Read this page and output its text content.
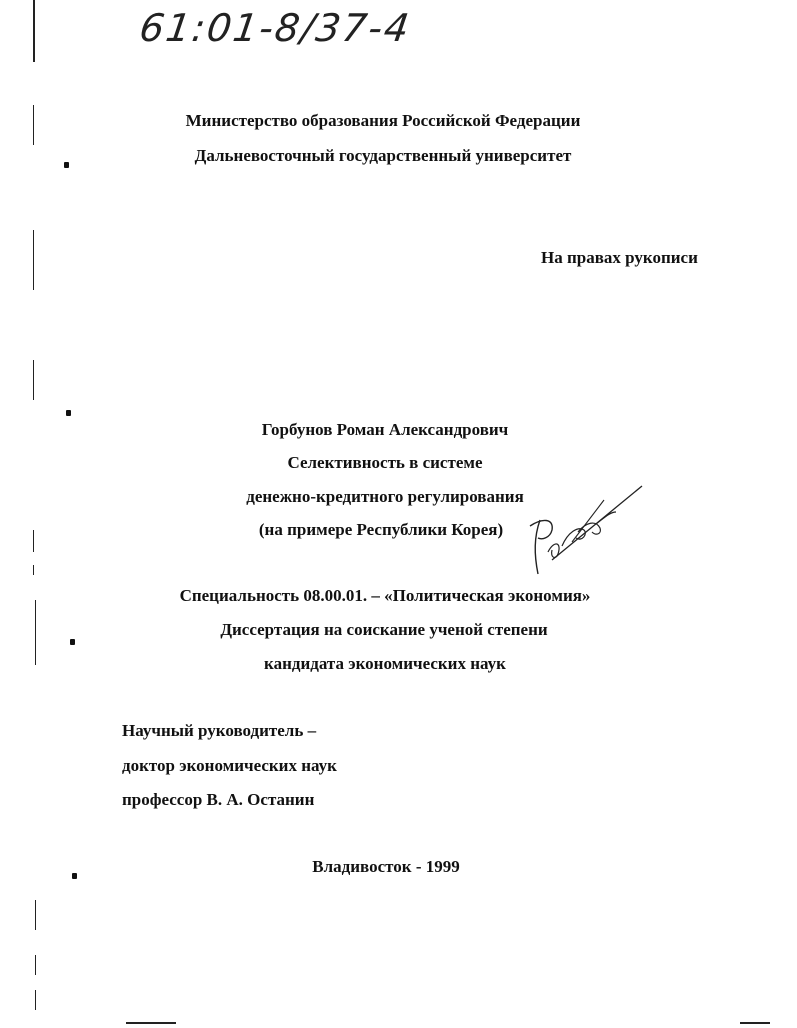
61:01-8/37-4
Министерство образования Российской Федерации
Дальневосточный государственный университет
На правах рукописи
Горбунов Роман Александрович
Селективность в системе
денежно-кредитного регулирования
(на примере Республики Корея)
Специальность 08.00.01. – «Политическая экономия»
Диссертация на соискание ученой степени
кандидата экономических наук
Научный руководитель –
доктор экономических наук
профессор В. А. Останин
Владивосток - 1999
